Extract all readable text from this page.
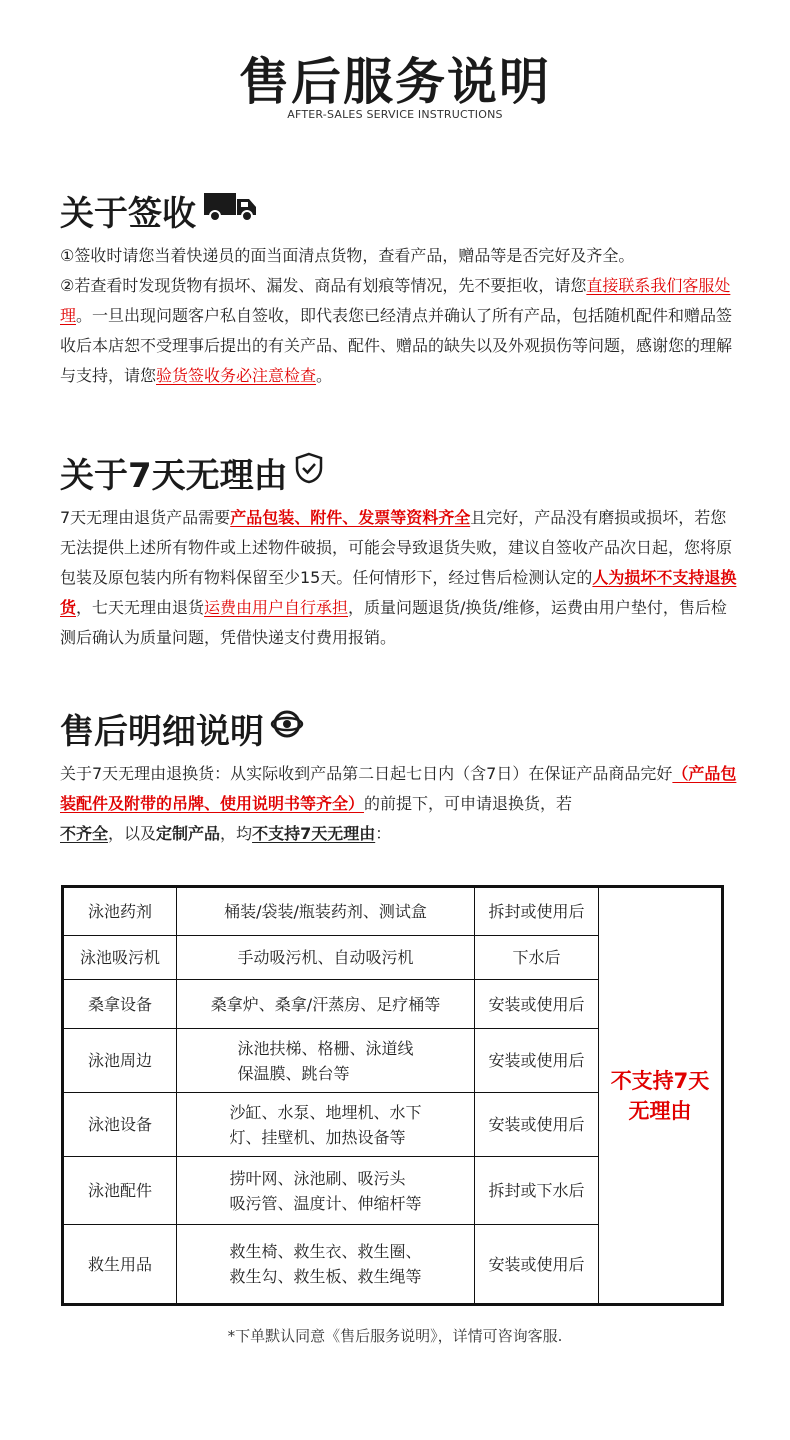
售后服务说明
AFTER-SALES SERVICE INSTRUCTIONS
关于签收
①签收时请您当着快递员的面当面清点货物，查看产品，赠品等是否完好及齐全。
②若查看时发现货物有损坏、漏发、商品有划痕等情况，先不要拒收，请您直接联系我们客服处理。一旦出现问题客户私自签收，即代表您已经清点并确认了所有产品，包括随机配件和赠品签收后本店恕不受理事后提出的有关产品、配件、赠品的缺失以及外观损伤等问题，感谢您的理解与支持，请您验货签收务必注意检查。
关于7天无理由
7天无理由退货产品需要产品包装、附件、发票等资料齐全且完好，产品没有磨损或损坏，若您无法提供上述所有物件或上述物件破损，可能会导致退货失败，建议自签收产品次日起，您将原包装及原包装内所有物料保留至少15天。任何情形下，经过售后检测认定的人为损坏不支持退换货，七天无理由退货运费由用户自行承担，质量问题退货/换货/维修，运费由用户垫付，售后检测后确认为质量问题，凭借快递支付费用报销。
售后明细说明
关于7天无理由退换货：从实际收到产品第二日起七日内（含7日）在保证产品商品完好（产品包装配件及附带的吊牌、使用说明书等齐全）的前提下，可申请退换货，若
不齐全，以及定制产品，均不支持7天无理由：
泳池药剂	桶装/袋装/瓶装药剂、测试盒	拆封或使用后	不支持7天无理由
泳池吸污机	手动吸污机、自动吸污机	下水后	
桑拿设备	桑拿炉、桑拿/汗蒸房、足疗桶等	安装或使用后	
泳池周边	泳池扶梯、格栅、泳道线
保温膜、跳台等	安装或使用后	
泳池设备	沙缸、水泵、地埋机、水下
灯、挂壁机、加热设备等	安装或使用后	
泳池配件	捞叶网、泳池刷、吸污头
吸污管、温度计、伸缩杆等	拆封或下水后	
救生用品	救生椅、救生衣、救生圈、
救生勾、救生板、救生绳等	安装或使用后	
*下单默认同意《售后服务说明》，详情可咨询客服.
